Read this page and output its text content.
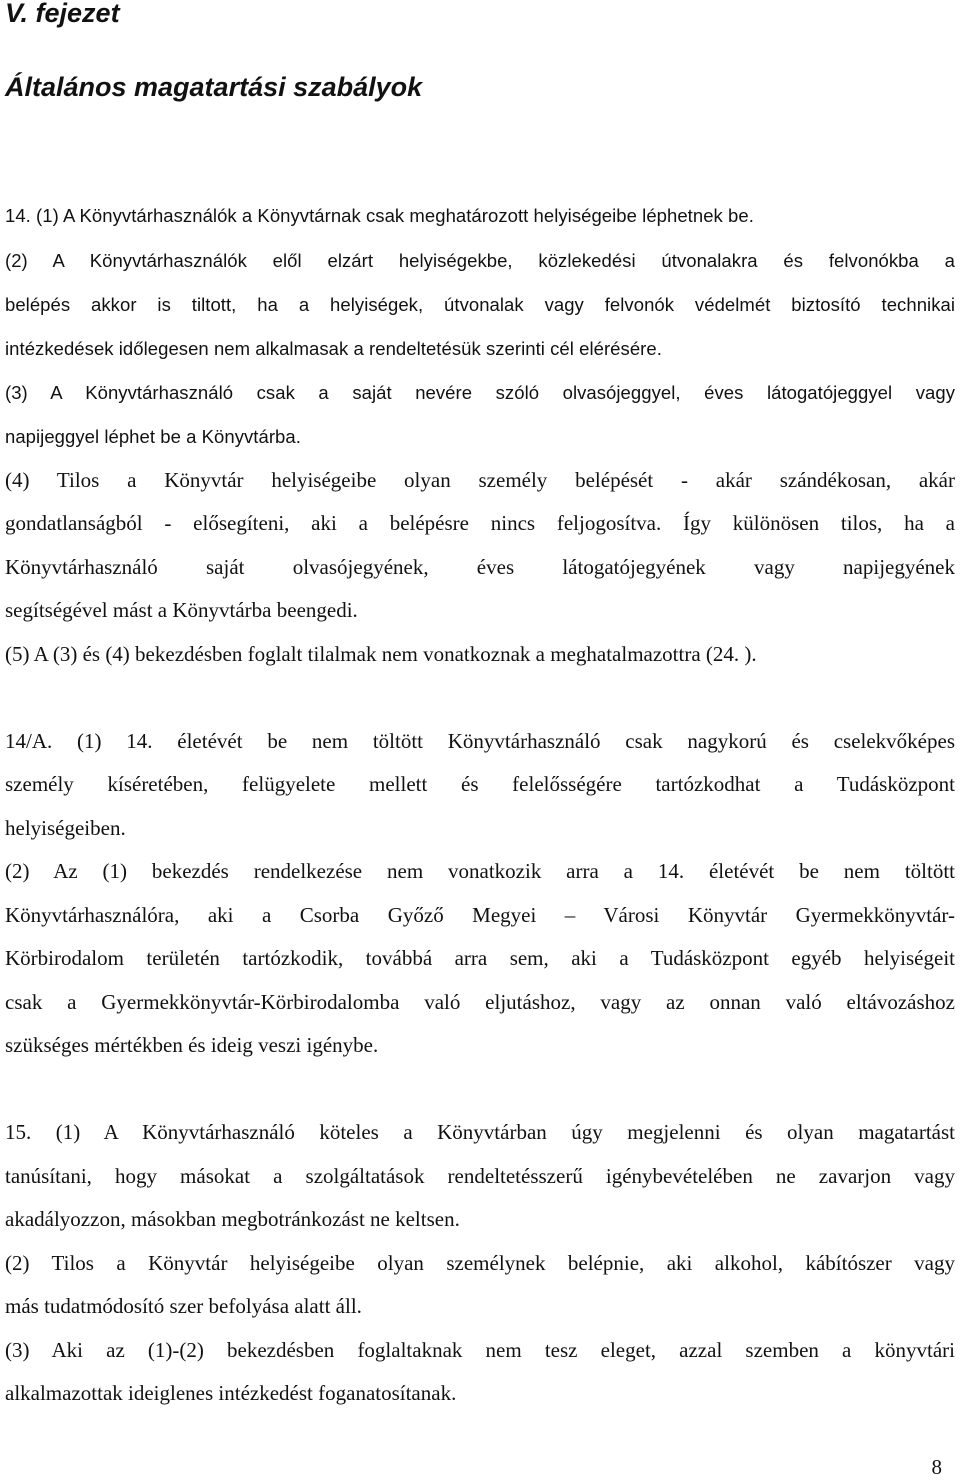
V. fejezet
Általános magatartási szabályok
14. (1) A Könyvtárhasználók a Könyvtárnak csak meghatározott helyiségeibe léphetnek be.
(2) A Könyvtárhasználók elől elzárt helyiségekbe, közlekedési útvonalakra és felvonókba a
belépés akkor is tiltott, ha a helyiségek, útvonalak vagy felvonók védelmét biztosító technikai
intézkedések időlegesen nem alkalmasak a rendeltetésük szerinti cél elérésére.
(3) A Könyvtárhasználó csak a saját nevére szóló olvasójeggyel, éves látogatójeggyel vagy
napijeggyel léphet be a Könyvtárba.
(4) Tilos a Könyvtár helyiségeibe olyan személy belépését - akár szándékosan, akár
gondatlanságból - elősegíteni, aki a belépésre nincs feljogosítva. Így különösen tilos, ha a
Könyvtárhasználó saját olvasójegyének, éves látogatójegyének vagy napijegyének
segítségével mást a Könyvtárba beengedi.
(5) A (3) és (4) bekezdésben foglalt tilalmak nem vonatkoznak a meghatalmazottra (24. ).
14/A. (1) 14. életévét be nem töltött Könyvtárhasználó csak nagykorú és cselekvőképes
személy kíséretében, felügyelete mellett és felelősségére tartózkodhat a Tudásközpont
helyiségeiben.
(2) Az (1) bekezdés rendelkezése nem vonatkozik arra a 14. életévét be nem töltött
Könyvtárhasználóra, aki a Csorba Győző Megyei – Városi Könyvtár Gyermekkönyvtár-
Körbirodalom területén tartózkodik, továbbá arra sem, aki a Tudásközpont egyéb helyiségeit
csak a Gyermekkönyvtár-Körbirodalomba való eljutáshoz, vagy az onnan való eltávozáshoz
szükséges mértékben és ideig veszi igénybe.
15. (1) A Könyvtárhasználó köteles a Könyvtárban úgy megjelenni és olyan magatartást
tanúsítani, hogy másokat a szolgáltatások rendeltetésszerű igénybevételében ne zavarjon vagy
akadályozzon, másokban megbotránkozást ne keltsen.
(2) Tilos a Könyvtár helyiségeibe olyan személynek belépnie, aki alkohol, kábítószer vagy
más tudatmódosító szer befolyása alatt áll.
(3) Aki az (1)-(2) bekezdésben foglaltaknak nem tesz eleget, azzal szemben a könyvtári
alkalmazottak ideiglenes intézkedést foganatosítanak.
8
